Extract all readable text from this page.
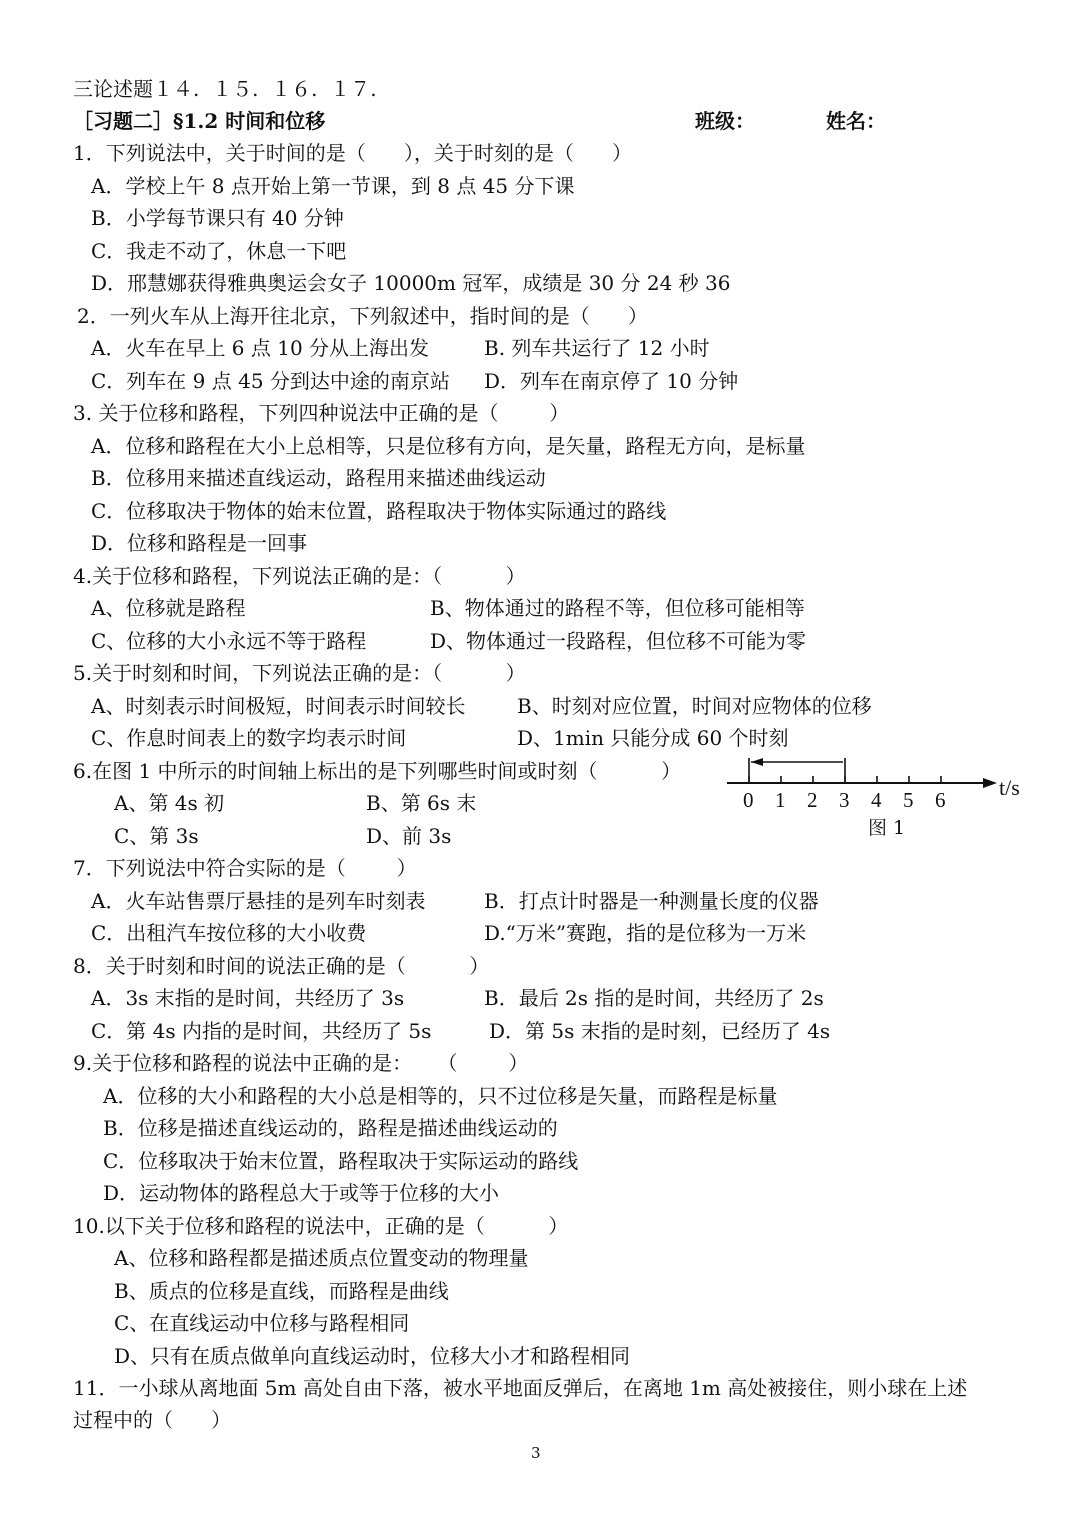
三论述题１４.  １５.  １６.  １７.
［习题二］§1.2 时间和位移	班级：	姓名：
1．下列说法中，关于时间的是（      ），关于时刻的是（      ）
A．学校上午 8 点开始上第一节课，到 8 点 45 分下课
B．小学每节课只有 40 分钟
C．我走不动了，休息一下吧
D．邢慧娜获得雅典奥运会女子 10000m 冠军，成绩是 30 分 24 秒 36
2．一列火车从上海开往北京，下列叙述中，指时间的是（      ）
A．火车在早上 6 点 10 分从上海出发	B. 列车共运行了 12 小时
C．列车在 9 点 45 分到达中途的南京站 D．列车在南京停了 10 分钟
3. 关于位移和路程，下列四种说法中正确的是（        ）
A．位移和路程在大小上总相等，只是位移有方向，是矢量，路程无方向，是标量
B．位移用来描述直线运动，路程用来描述曲线运动
C．位移取决于物体的始末位置，路程取决于物体实际通过的路线
D．位移和路程是一回事
4.关于位移和路程，下列说法正确的是：（          ）
A、位移就是路程	B、物体通过的路程不等，但位移可能相等
C、位移的大小永远不等于路程	D、物体通过一段路程，但位移不可能为零
5.关于时刻和时间，下列说法正确的是：（          ）
A、时刻表示时间极短，时间表示时间较长	B、时刻对应位置，时间对应物体的位移
C、作息时间表上的数字均表示时间	D、1min 只能分成 60 个时刻
6.在图 1 中所示的时间轴上标出的是下列哪些时间或时刻（          ）
A、第 4s 初	B、第 6s 末
C、第 3s	D、前 3s
0 1 2 3 4 5 6 t/s
图 1
7．下列说法中符合实际的是（        ）
A．火车站售票厅悬挂的是列车时刻表	B．打点计时器是一种测量长度的仪器
C．出租汽车按位移的大小收费	D.“万米”赛跑，指的是位移为一万米
8．关于时刻和时间的说法正确的是（          ）
A．3s 末指的是时间，共经历了 3s	B．最后 2s 指的是时间，共经历了 2s
C．第 4s 内指的是时间，共经历了 5s	D．第 5s 末指的是时刻，已经历了 4s
9.关于位移和路程的说法中正确的是：    （        ）
A．位移的大小和路程的大小总是相等的，只不过位移是矢量，而路程是标量
B．位移是描述直线运动的，路程是描述曲线运动的
C．位移取决于始末位置，路程取决于实际运动的路线
D．运动物体的路程总大于或等于位移的大小
10.以下关于位移和路程的说法中，正确的是（          ）
A、位移和路程都是描述质点位置变动的物理量
B、质点的位移是直线，而路程是曲线
C、在直线运动中位移与路程相同
D、只有在质点做单向直线运动时，位移大小才和路程相同
11．一小球从离地面 5m 高处自由下落，被水平地面反弹后，在离地 1m 高处被接住，则小球在上述
过程中的（      ）
3
